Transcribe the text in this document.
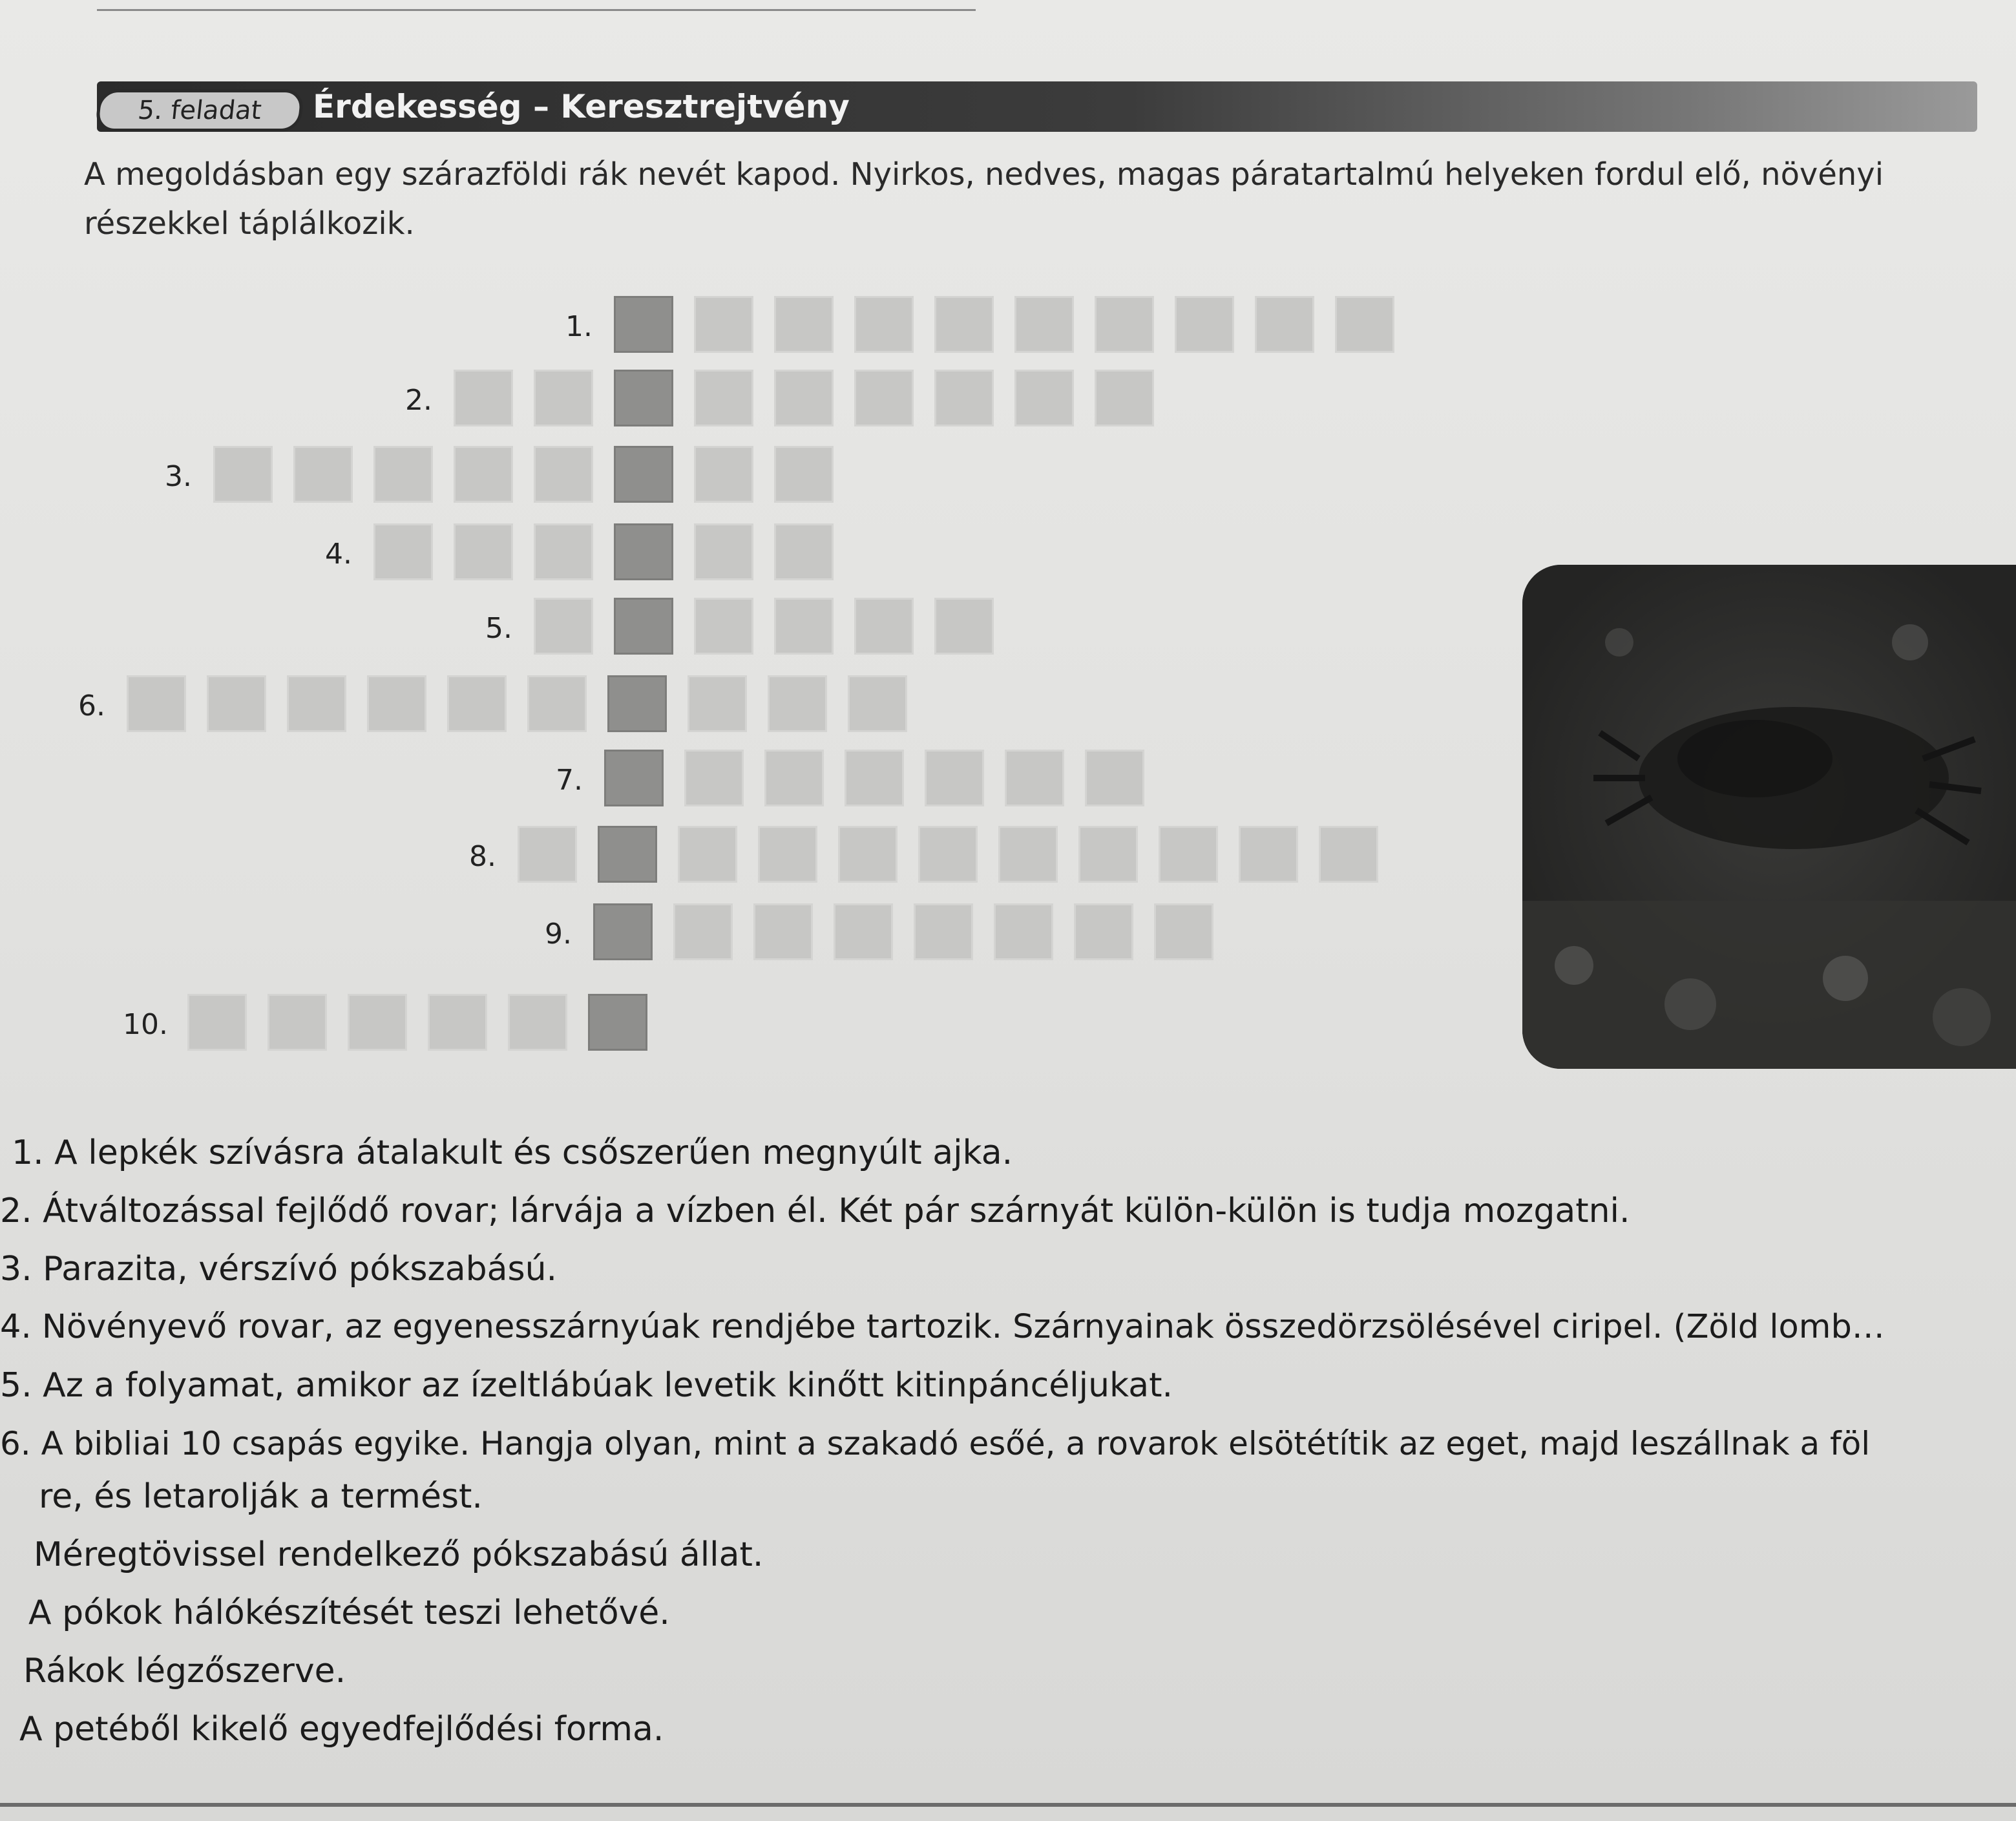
5. feladat	Érdekesség – Keresztrejtvény
A megoldásban egy szárazföldi rák nevét kapod. Nyirkos, nedves, magas páratartalmú helyeken fordul elő, növényi részekkel táplálkozik.
1.
2.
3.
4.
5.
6.
7.
8.
9.
10.
1. A lepkék szívásra átalakult és csőszerűen megnyúlt ajka.
2. Átváltozással fejlődő rovar; lárvája a vízben él. Két pár szárnyát külön-külön is tudja mozgatni.
3. Parazita, vérszívó pókszabású.
4. Növényevő rovar, az egyenesszárnyúak rendjébe tartozik. Szárnyainak összedörzsölésével ciripel. (Zöld lomb…
5. Az a folyamat, amikor az ízeltlábúak levetik kinőtt kitinpáncéljukat.
6. A bibliai 10 csapás egyike. Hangja olyan, mint a szakadó esőé, a rovarok elsötétítik az eget, majd leszállnak a föl
re, és letarolják a termést.
Méregtövissel rendelkező pókszabású állat.
A pókok hálókészítését teszi lehetővé.
Rákok légzőszerve.
A petéből kikelő egyedfejlődési forma.
